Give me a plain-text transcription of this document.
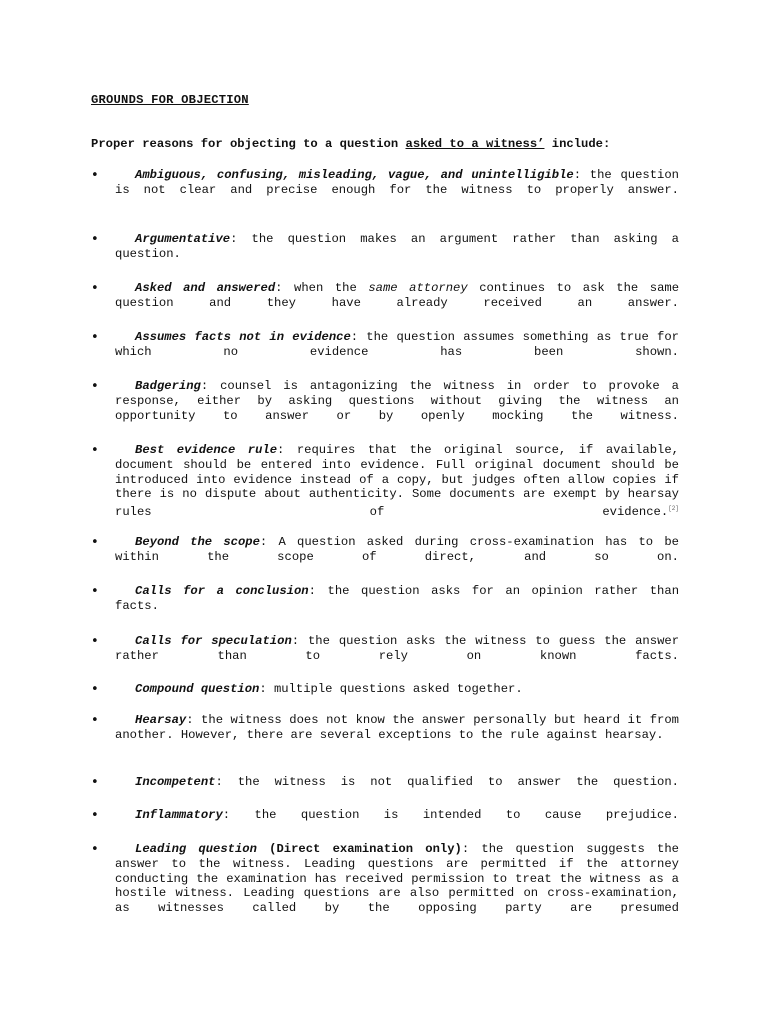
GROUNDS FOR OBJECTION
Proper reasons for objecting to a question asked to a witness’ include:
•	Ambiguous, confusing, misleading, vague, and unintelligible: the question is not clear and precise enough for the witness to properly answer.
•	Argumentative: the question makes an argument rather than asking a question.
•	Asked and answered: when the same attorney continues to ask the same question and they have already received an answer.
•	Assumes facts not in evidence: the question assumes something as true for which no evidence has been shown.
•	Badgering: counsel is antagonizing the witness in order to provoke a response, either by asking questions without giving the witness an opportunity to answer or by openly mocking the witness.
•	Best evidence rule: requires that the original source, if available, document should be entered into evidence. Full original document should be introduced into evidence instead of a copy, but judges often allow copies if there is no dispute about authenticity. Some documents are exempt by hearsay rules of evidence.[2]
•	Beyond the scope: A question asked during cross-examination has to be within the scope of direct, and so on.
•	Calls for a conclusion: the question asks for an opinion rather than facts.
•	Calls for speculation: the question asks the witness to guess the answer rather than to rely on known facts.
•	Compound question: multiple questions asked together.
•	Hearsay: the witness does not know the answer personally but heard it from another. However, there are several exceptions to the rule against hearsay.
•	Incompetent: the witness is not qualified to answer the question.
•	Inflammatory: the question is intended to cause prejudice.
•	Leading question (Direct examination only): the question suggests the answer to the witness. Leading questions are permitted if the attorney conducting the examination has received permission to treat the witness as a hostile witness. Leading questions are also permitted on cross-examination, as witnesses called by the opposing party are presumed
